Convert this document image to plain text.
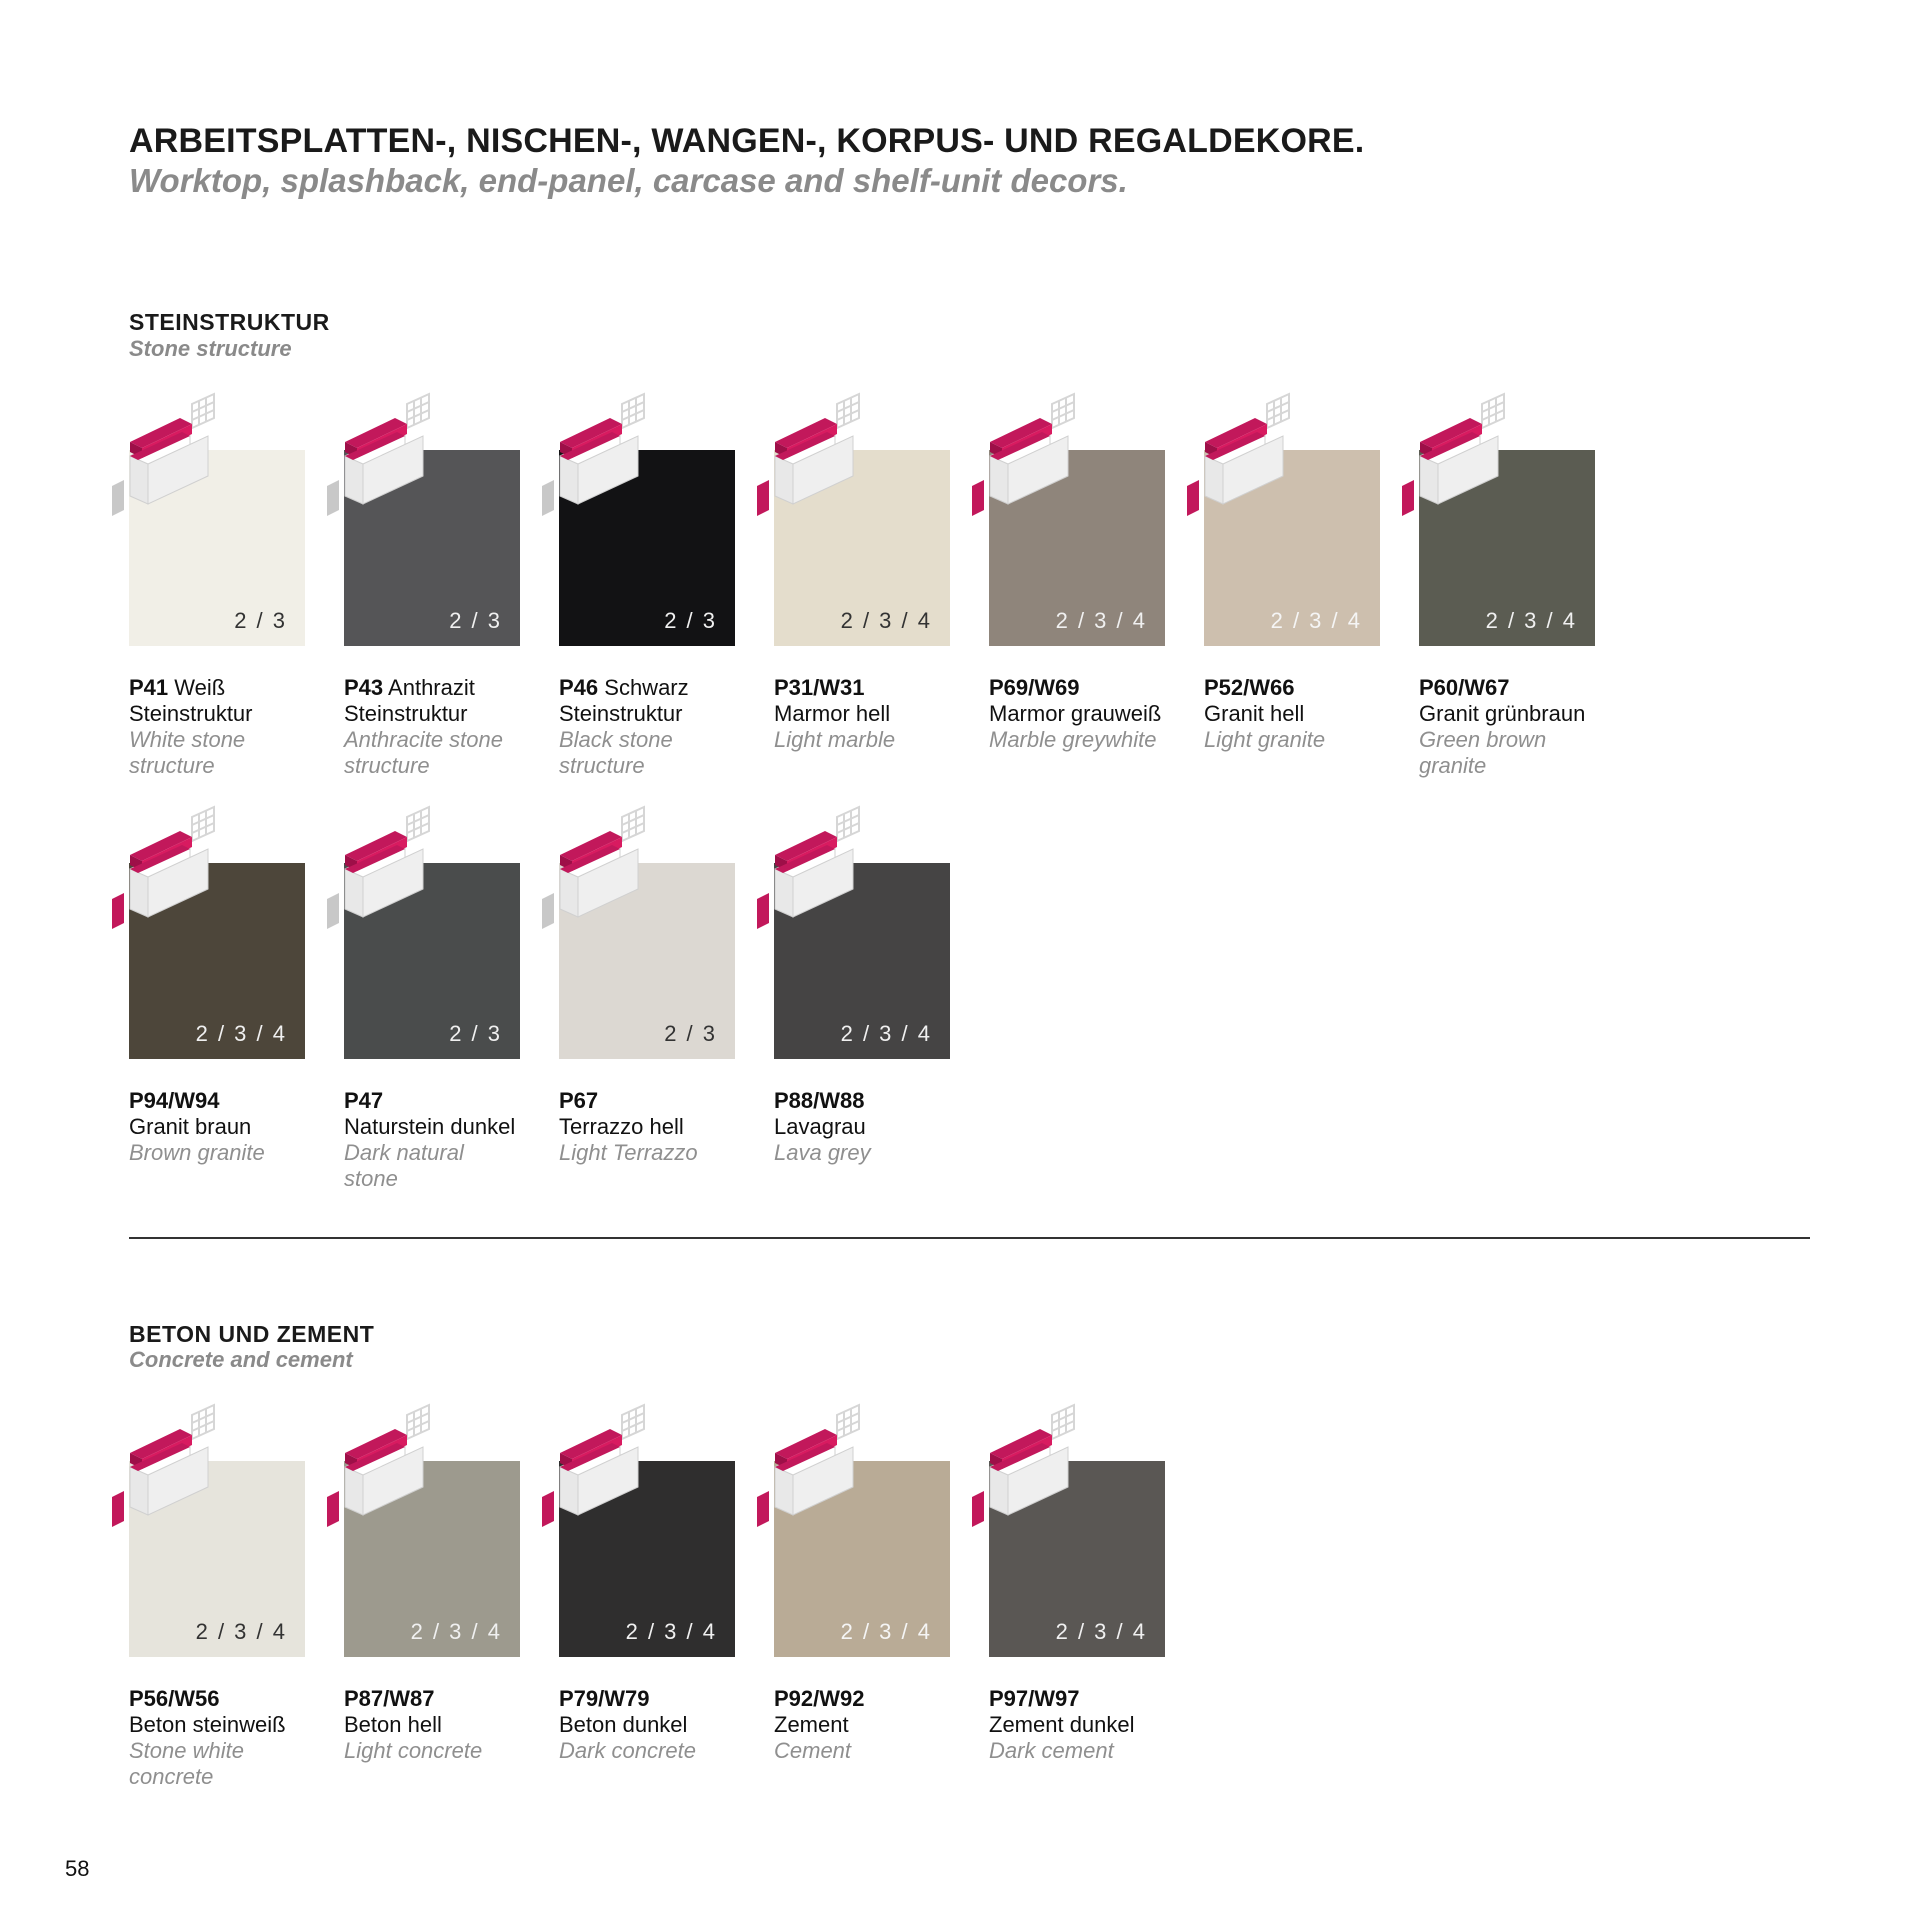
ARBEITSPLATTEN-, NISCHEN-, WANGEN-, KORPUS- UND REGALDEKORE.
Worktop, splashback, end-panel, carcase and shelf-unit decors.
STEINSTRUKTUR
Stone structure
BETON UND ZEMENT
Concrete and cement
2 / 3
P41 Weiß
Steinstruktur
White stone structure
2 / 3
P43 Anthrazit
Steinstruktur
Anthracite stone structure
2 / 3
P46 Schwarz
Steinstruktur
Black stone structure
2 / 3 / 4
P31/W31
Marmor hell
Light marble
2 / 3 / 4
P69/W69
Marmor grauweiß
Marble greywhite
2 / 3 / 4
P52/W66
Granit hell
Light granite
2 / 3 / 4
P60/W67
Granit grünbraun
Green brown granite
2 / 3 / 4
P94/W94
Granit braun
Brown granite
2 / 3
P47
Naturstein dunkel
Dark natural stone
2 / 3
P67
Terrazzo hell
Light Terrazzo
2 / 3 / 4
P88/W88
Lavagrau
Lava grey
2 / 3 / 4
P56/W56
Beton steinweiß
Stone white concrete
2 / 3 / 4
P87/W87
Beton hell
Light concrete
2 / 3 / 4
P79/W79
Beton dunkel
Dark concrete
2 / 3 / 4
P92/W92
Zement
Cement
2 / 3 / 4
P97/W97
Zement dunkel
Dark cement
58
